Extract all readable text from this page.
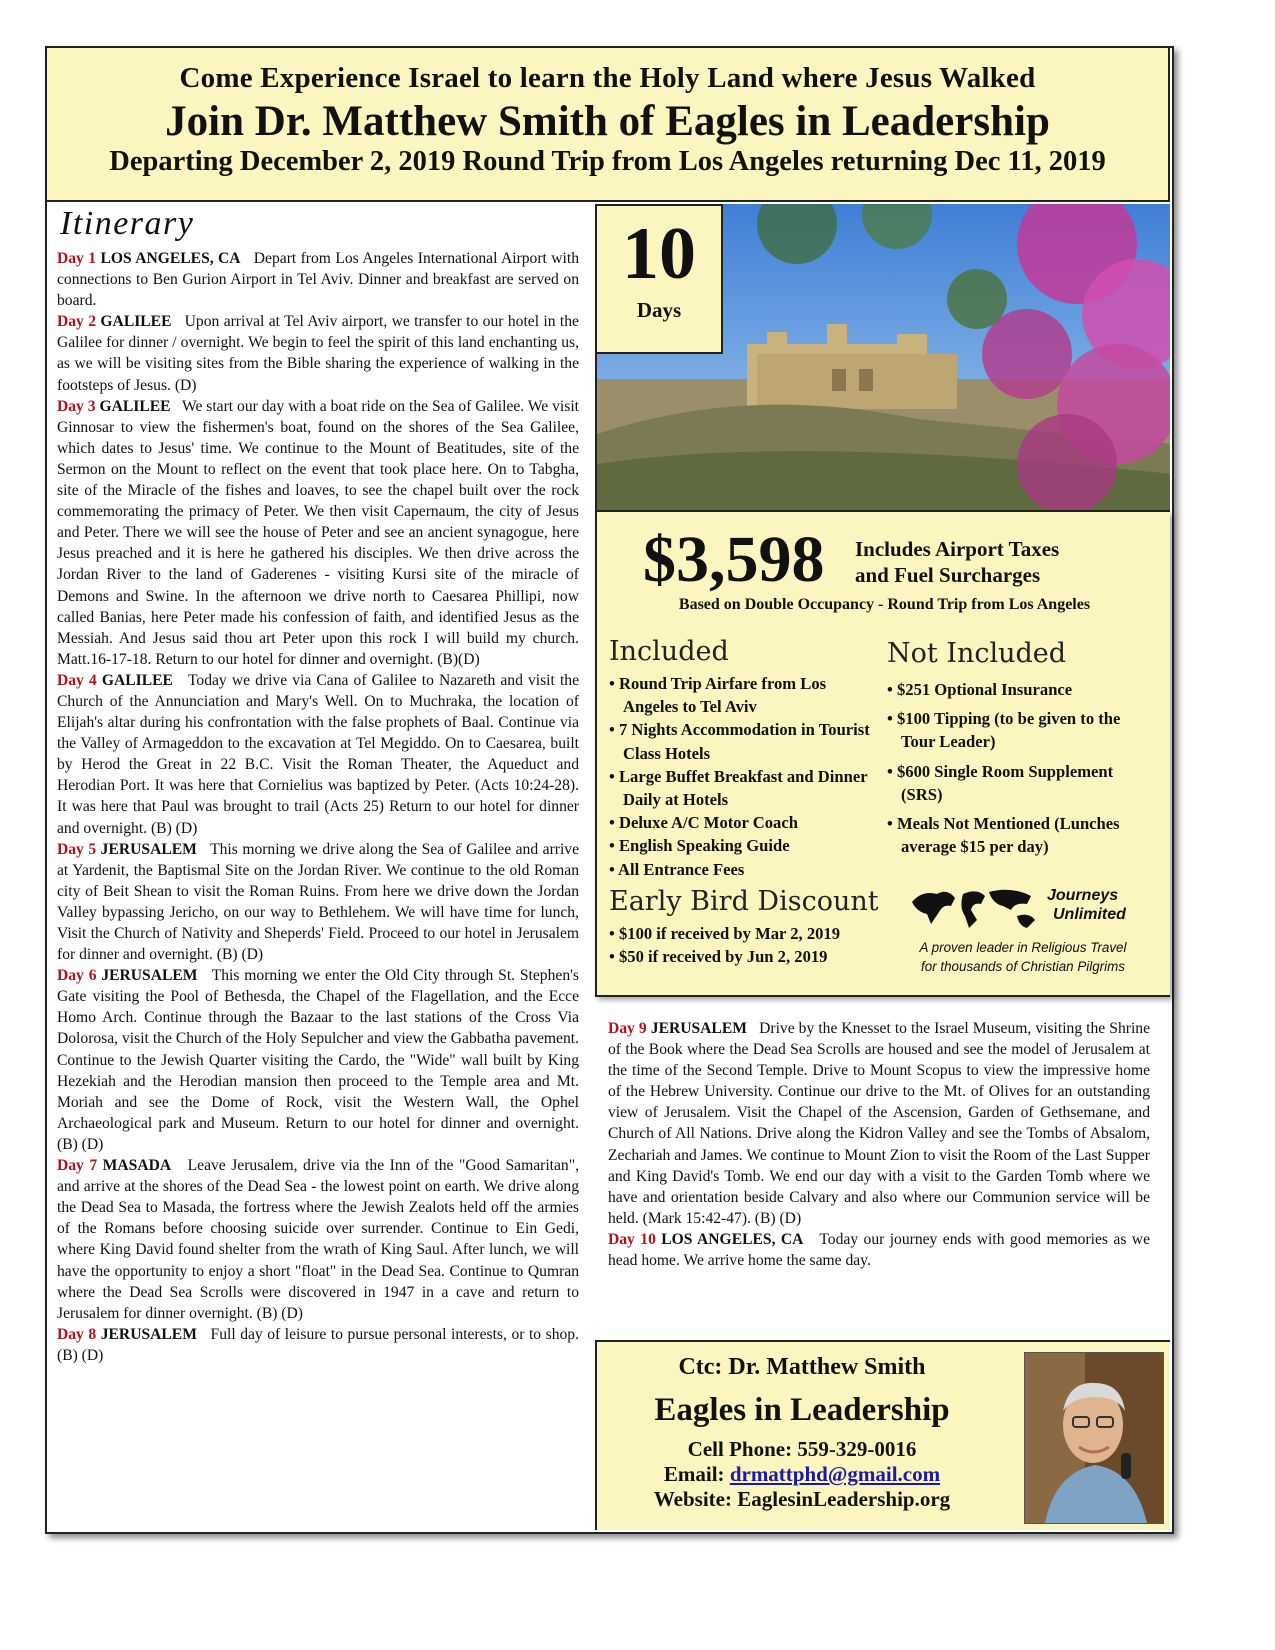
Come Experience Israel to learn the Holy Land where Jesus Walked
Join Dr. Matthew Smith of Eagles in Leadership
Departing December 2, 2019 Round Trip from Los Angeles returning Dec 11, 2019
Itinerary

Day 1 LOS ANGELES, CA   Depart from Los Angeles International Airport with connections to Ben Gurion Airport in Tel Aviv. Dinner and breakfast are served on board.

Day 2 GALILEE   Upon arrival at Tel Aviv airport, we transfer to our hotel in the Galilee for dinner / overnight. We begin to feel the spirit of this land enchanting us, as we will be visiting sites from the Bible sharing the experience of walking in the footsteps of Jesus. (D)

Day 3 GALILEE   We start our day with a boat ride on the Sea of Galilee. We visit Ginnosar to view the fishermen's boat, found on the shores of the Sea Galilee, which dates to Jesus' time. We continue to the Mount of Beatitudes, site of the Sermon on the Mount to reflect on the event that took place here. On to Tabgha, site of the Miracle of the fishes and loaves, to see the chapel built over the rock commemorating the primacy of Peter. We then visit Capernaum, the city of Jesus and Peter. There we will see the house of Peter and see an ancient synagogue, here Jesus preached and it is here he gathered his disciples. We then drive across the Jordan River to the land of Gaderenes - visiting Kursi site of the miracle of Demons and Swine. In the afternoon we drive north to Caesarea Phillipi, now called Banias, here Peter made his confession of faith, and identified Jesus as the Messiah. And Jesus said thou art Peter upon this rock I will build my church. Matt.16-17-18. Return to our hotel for dinner and overnight. (B)(D)

Day 4 GALILEE   Today we drive via Cana of Galilee to Nazareth and visit the Church of the Annunciation and Mary's Well. On to Muchraka, the location of Elijah's altar during his confrontation with the false prophets of Baal. Continue via the Valley of Armageddon to the excavation at Tel Megiddo. On to Caesarea, built by Herod the Great in 22 B.C. Visit the Roman Theater, the Aqueduct and Herodian Port. It was here that Cornielius was baptized by Peter. (Acts 10:24-28). It was here that Paul was brought to trail (Acts 25) Return to our hotel for dinner and overnight. (B) (D)

Day 5 JERUSALEM   This morning we drive along the Sea of Galilee and arrive at Yardenit, the Baptismal Site on the Jordan River. We continue to the old Roman city of Beit Shean to visit the Roman Ruins. From here we drive down the Jordan Valley bypassing Jericho, on our way to Bethlehem. We will have time for lunch, Visit the Church of Nativity and Sheperds' Field. Proceed to our hotel in Jerusalem for dinner and overnight. (B) (D)

Day 6 JERUSALEM   This morning we enter the Old City through St. Stephen's Gate visiting the Pool of Bethesda, the Chapel of the Flagellation, and the Ecce Homo Arch. Continue through the Bazaar to the last stations of the Cross Via Dolorosa, visit the Church of the Holy Sepulcher and view the Gabbatha pavement. Continue to the Jewish Quarter visiting the Cardo, the "Wide" wall built by King Hezekiah and the Herodian mansion then proceed to the Temple area and Mt. Moriah and see the Dome of Rock, visit the Western Wall, the Ophel Archaeological park and Museum. Return to our hotel for dinner and overnight. (B) (D)

Day 7 MASADA   Leave Jerusalem, drive via the Inn of the "Good Samaritan", and arrive at the shores of the Dead Sea - the lowest point on earth. We drive along the Dead Sea to Masada, the fortress where the Jewish Zealots held off the armies of the Romans before choosing suicide over surrender. Continue to Ein Gedi, where King David found shelter from the wrath of King Saul. After lunch, we will have the opportunity to enjoy a short "float" in the Dead Sea. Continue to Qumran where the Dead Sea Scrolls were discovered in 1947 in a cave and return to Jerusalem for dinner overnight. (B) (D)

Day 8 JERUSALEM   Full day of leisure to pursue personal interests, or to shop. (B) (D)

10
Days
$3,598 Includes Airport Taxes
and Fuel Surcharges
Based on Double Occupancy - Round Trip from Los Angeles
Included
• Round Trip Airfare from Los Angeles to Tel Aviv
• 7 Nights Accommodation in Tourist Class Hotels
• Large Buffet Breakfast and Dinner Daily at Hotels
• Deluxe A/C Motor Coach
• English Speaking Guide
• All Entrance Fees
Not Included
• $251 Optional Insurance
• $100 Tipping (to be given to the Tour Leader)
• $600 Single Room Supplement (SRS)
• Meals Not Mentioned (Lunches average $15 per day)
Early Bird Discount
• $100 if received by Mar 2, 2019
• $50 if received by Jun 2, 2019
Journeys
Unlimited
A proven leader in Religious Travel
for thousands of Christian Pilgrims

Day 9 JERUSALEM   Drive by the Knesset to the Israel Museum, visiting the Shrine of the Book where the Dead Sea Scrolls are housed and see the model of Jerusalem at the time of the Second Temple. Drive to Mount Scopus to view the impressive home of the Hebrew University. Continue our drive to the Mt. of Olives for an outstanding view of Jerusalem. Visit the Chapel of the Ascension, Garden of Gethsemane, and Church of All Nations. Drive along the Kidron Valley and see the Tombs of Absalom, Zechariah and James. We continue to Mount Zion to visit the Room of the Last Supper and King David's Tomb. We end our day with a visit to the Garden Tomb where we have and orientation beside Calvary and also where our Communion service will be held. (Mark 15:42-47). (B) (D)

Day 10 LOS ANGELES, CA   Today our journey ends with good memories as we head home. We arrive home the same day.

Ctc: Dr. Matthew Smith
Eagles in Leadership
Cell Phone: 559-329-0016
Email: drmattphd@gmail.com
Website: EaglesinLeadership.org
